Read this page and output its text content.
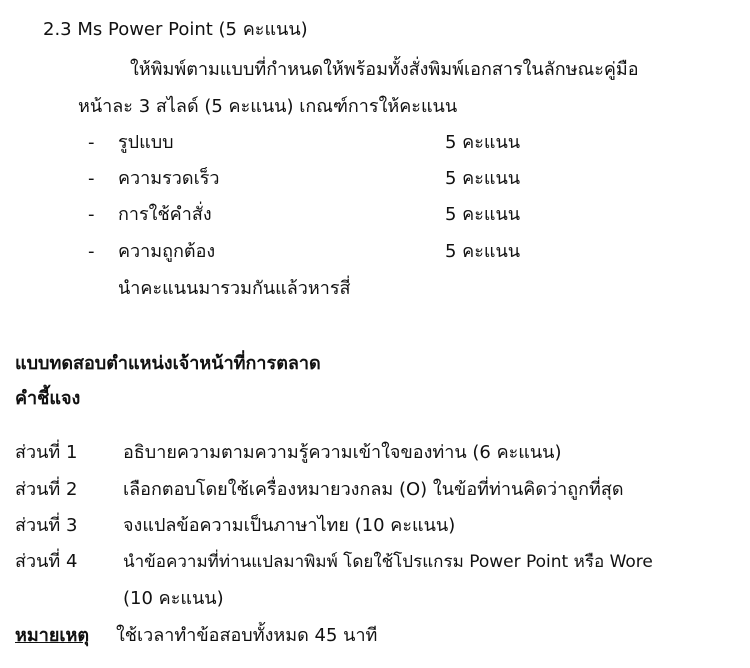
2.3 Ms Power Point (5 คะแนน)
ให้พิมพ์ตามแบบที่กำหนดให้พร้อมทั้งสั่งพิมพ์เอกสารในลักษณะคู่มือ
หน้าละ 3 สไลด์ (5 คะแนน) เกณฑ์การให้คะแนน
- รูปแบบ	5 คะแนน
- ความรวดเร็ว	5 คะแนน
- การใช้คำสั่ง	5 คะแนน
- ความถูกต้อง	5 คะแนน
นำคะแนนมารวมกันแล้วหารสี่
แบบทดสอบตำแหน่งเจ้าหน้าที่การตลาด
คำชี้แจง
ส่วนที่ 1	อธิบายความตามความรู้ความเข้าใจของท่าน (6 คะแนน)
ส่วนที่ 2	เลือกตอบโดยใช้เครื่องหมายวงกลม (O) ในข้อที่ท่านคิดว่าถูกที่สุด
ส่วนที่ 3	จงแปลข้อความเป็นภาษาไทย (10 คะแนน)
ส่วนที่ 4	นำข้อความที่ท่านแปลมาพิมพ์ โดยใช้โปรแกรม Power Point หรือ Wore
(10 คะแนน)
หมายเหตุ ใช้เวลาทำข้อสอบทั้งหมด 45 นาที
